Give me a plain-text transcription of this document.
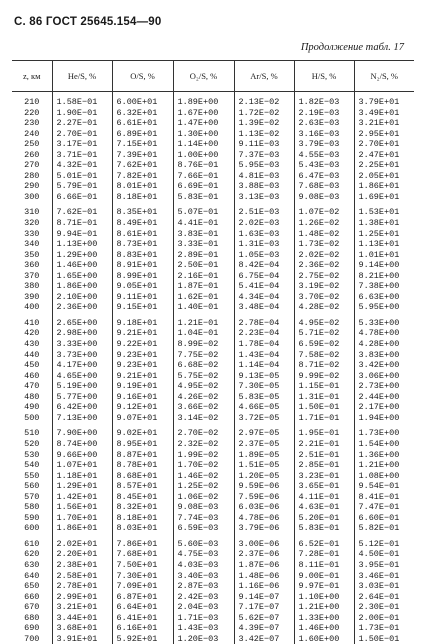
С. 86 ГОСТ 25645.154—90
Продолжение табл. 17
z, км	He/S, %	O/S, %	O₂/S, %	Ar/S, %	H/S, %	N₂/S, %

210	1.58E−01	6.00E+01	1.89E+00	2.13E−02	1.82E−03	3.79E+01
220	1.90E−01	6.32E+01	1.67E+00	1.72E−02	2.19E−03	3.49E+01
230	2.27E−01	6.61E+01	1.47E+00	1.39E−02	2.63E−03	3.21E+01
240	2.70E−01	6.89E+01	1.30E+00	1.13E−02	3.16E−03	2.95E+01
250	3.17E−01	7.15E+01	1.14E+00	9.11E−03	3.79E−03	2.70E+01
260	3.71E−01	7.39E+01	1.00E+00	7.37E−03	4.55E−03	2.47E+01
270	4.32E−01	7.62E+01	8.76E−01	5.95E−03	5.43E−03	2.25E+01
280	5.01E−01	7.82E+01	7.66E−01	4.81E−03	6.47E−03	2.05E+01
290	5.79E−01	8.01E+01	6.69E−01	3.88E−03	7.68E−03	1.86E+01
300	6.66E−01	8.18E+01	5.83E−01	3.13E−03	9.08E−03	1.69E+01

310	7.62E−01	8.35E+01	5.07E−01	2.51E−03	1.07E−02	1.53E+01
320	8.71E−01	8.49E+01	4.41E−01	2.02E−03	1.26E−02	1.38E+01
330	9.94E−01	8.61E+01	3.83E−01	1.63E−03	1.48E−02	1.25E+01
340	1.13E+00	8.73E+01	3.33E−01	1.31E−03	1.73E−02	1.13E+01
350	1.29E+00	8.83E+01	2.89E−01	1.05E−03	2.02E−02	1.01E+01
360	1.46E+00	8.91E+01	2.50E−01	8.42E−04	2.36E−02	9.14E+00
370	1.65E+00	8.99E+01	2.16E−01	6.75E−04	2.75E−02	8.21E+00
380	1.86E+00	9.05E+01	1.87E−01	5.41E−04	3.19E−02	7.38E+00
390	2.10E+00	9.11E+01	1.62E−01	4.34E−04	3.70E−02	6.63E+00
400	2.36E+00	9.15E+01	1.40E−01	3.48E−04	4.28E−02	5.95E+00

410	2.65E+00	9.18E+01	1.21E−01	2.78E−04	4.95E−02	5.33E+00
420	2.98E+00	9.21E+01	1.04E−01	2.23E−04	5.71E−02	4.78E+00
430	3.33E+00	9.22E+01	8.99E−02	1.78E−04	6.59E−02	4.28E+00
440	3.73E+00	9.23E+01	7.75E−02	1.43E−04	7.58E−02	3.83E+00
450	4.17E+00	9.23E+01	6.68E−02	1.14E−04	8.71E−02	3.42E+00
460	4.65E+00	9.21E+01	5.75E−02	9.13E−05	9.99E−02	3.06E+00
470	5.19E+00	9.19E+01	4.95E−02	7.30E−05	1.15E−01	2.73E+00
480	5.77E+00	9.16E+01	4.26E−02	5.83E−05	1.31E−01	2.44E+00
490	6.42E+00	9.12E+01	3.66E−02	4.66E−05	1.50E−01	2.17E+00
500	7.13E+00	9.07E+01	3.14E−02	3.72E−05	1.71E−01	1.94E+00

510	7.90E+00	9.02E+01	2.70E−02	2.97E−05	1.95E−01	1.73E+00
520	8.74E+00	8.95E+01	2.32E−02	2.37E−05	2.21E−01	1.54E+00
530	9.66E+00	8.87E+01	1.99E−02	1.89E−05	2.51E−01	1.36E+00
540	1.07E+01	8.78E+01	1.70E−02	1.51E−05	2.85E−01	1.21E+00
550	1.18E+01	8.68E+01	1.46E−02	1.20E−05	3.23E−01	1.08E+00
560	1.29E+01	8.57E+01	1.25E−02	9.59E−06	3.65E−01	9.54E−01
570	1.42E+01	8.45E+01	1.06E−02	7.59E−06	4.11E−01	8.41E−01
580	1.56E+01	8.32E+01	9.08E−03	6.03E−06	4.63E−01	7.47E−01
590	1.70E+01	8.18E+01	7.74E−03	4.78E−06	5.20E−01	6.60E−01
600	1.86E+01	8.03E+01	6.59E−03	3.79E−06	5.83E−01	5.82E−01

610	2.02E+01	7.86E+01	5.60E−03	3.00E−06	6.52E−01	5.12E−01
620	2.20E+01	7.68E+01	4.75E−03	2.37E−06	7.28E−01	4.50E−01
630	2.38E+01	7.50E+01	4.03E−03	1.87E−06	8.11E−01	3.95E−01
640	2.58E+01	7.30E+01	3.40E−03	1.48E−06	9.00E−01	3.46E−01
650	2.78E+01	7.09E+01	2.87E−03	1.16E−06	9.97E−01	3.03E−01
660	2.99E+01	6.87E+01	2.42E−03	9.14E−07	1.10E+00	2.64E−01
670	3.21E+01	6.64E+01	2.04E−03	7.17E−07	1.21E+00	2.30E−01
680	3.44E+01	6.41E+01	1.71E−03	5.62E−07	1.33E+00	2.00E−01
690	3.68E+01	6.16E+01	1.43E−03	4.39E−07	1.46E+00	1.73E−01
700	3.91E+01	5.92E+01	1.20E−03	3.42E−07	1.60E+00	1.50E−01
